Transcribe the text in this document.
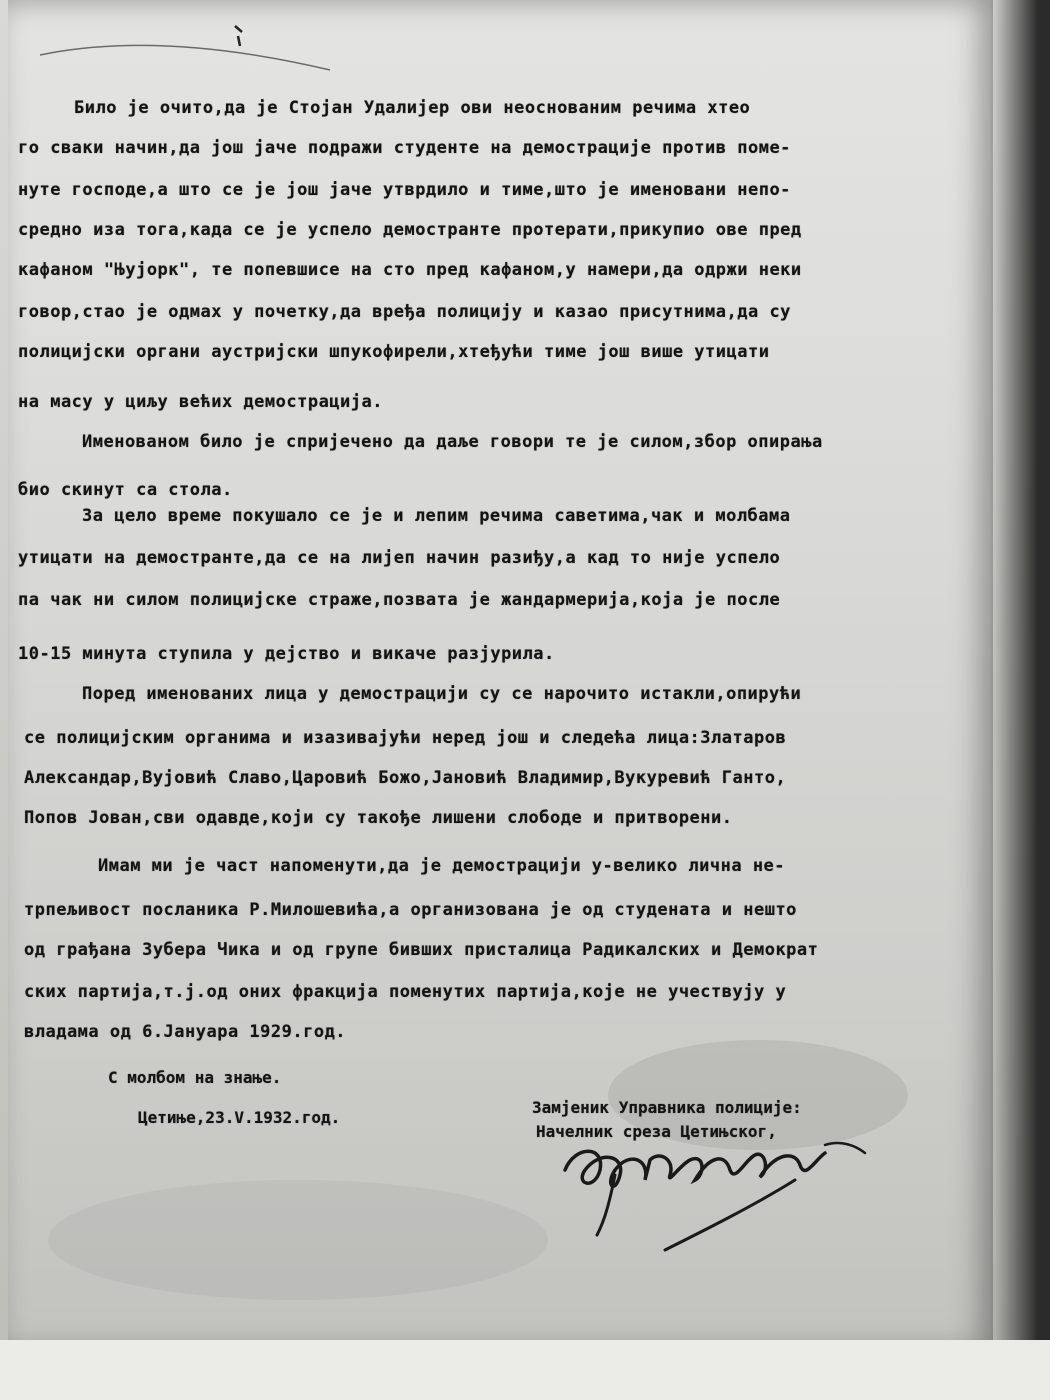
Било је очито,да је Стојан Удалијер ови неоснованим речима хтео
го сваки начин,да још јаче подражи студенте на демострације против поме-
нуте господе,а што се је још јаче утврдило и тиме,што је именовани непо-
средно иза тога,када се је успело демостранте протерати,прикупио ове пред
кафаном "Њујорк", те попевшисе на сто пред кафаном,у намери,да одржи неки
говор,стао је одмах у почетку,да вређа полицију и казао присутнима,да су
полицијски органи аустријски шпукофирели,хтеђући тиме још више утицати
на масу у циљу већих демострација.
Именованом било је спријечено да даље говори те је силом,збор опирања
био скинут са стола.
За цело време покушало се је и лепим речима саветима,чак и молбама
утицати на демостранте,да се на лијеп начин разиђу,а кад то није успело
па чак ни силом полицијске страже,позвата је жандармерија,која је после
10-15 минута ступила у дејство и викаче разјурила.
Поред именованих лица у демострацији су се нарочито истакли,опирући
се полицијским органима и изазивајући неред још и следећа лица:Златаров
Александар,Вујовић Славо,Царовић Божо,Јановић Владимир,Вукуревић Ганто,
Попов Јован,сви одавде,који су такође лишени слободе и притворени.
Имам ми је част напоменути,да је демострацији у-велико лична не-
трпељивост посланика Р.Милошевића,а организована је од студената и нешто
од грађана Зубера Чика и од групе бивших присталица Радикалских и Демократ
ских партија,т.ј.од оних фракција поменутих партија,које не учествују у
владама од 6.Јануара 1929.год.
С молбом на знање.
Цетиње,23.V.1932.год.
Замјеник Управника полиције:
Начелник среза Цетињског,
